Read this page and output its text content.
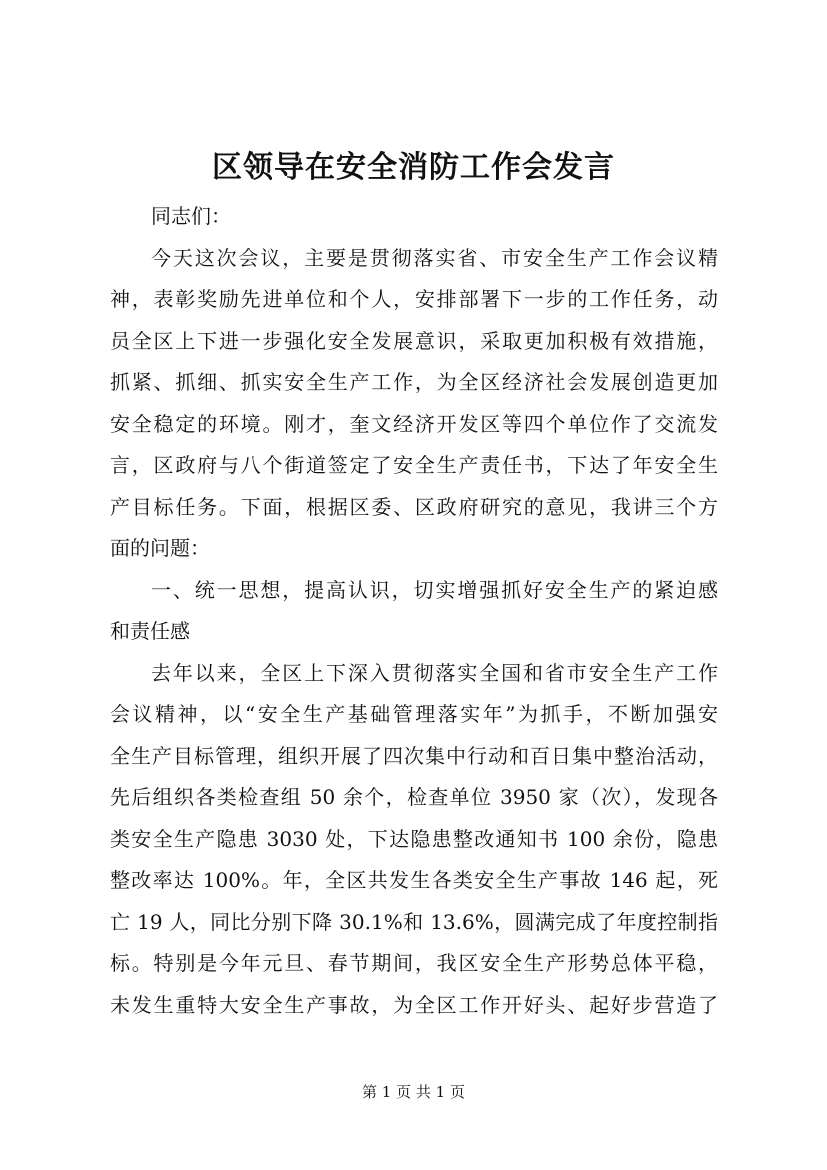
区领导在安全消防工作会发言
同志们：
今天这次会议，主要是贯彻落实省、市安全生产工作会议精
神，表彰奖励先进单位和个人，安排部署下一步的工作任务，动
员全区上下进一步强化安全发展意识，采取更加积极有效措施，
抓紧、抓细、抓实安全生产工作，为全区经济社会发展创造更加
安全稳定的环境。刚才，奎文经济开发区等四个单位作了交流发
言，区政府与八个街道签定了安全生产责任书，下达了年安全生
产目标任务。下面，根据区委、区政府研究的意见，我讲三个方
面的问题：
一、统一思想，提高认识，切实增强抓好安全生产的紧迫感
和责任感
去年以来，全区上下深入贯彻落实全国和省市安全生产工作
会议精神，以“安全生产基础管理落实年”为抓手，不断加强安
全生产目标管理，组织开展了四次集中行动和百日集中整治活动，
先后组织各类检查组 50 余个，检查单位 3950 家（次），发现各
类安全生产隐患 3030 处，下达隐患整改通知书 100 余份，隐患
整改率达 100%。年，全区共发生各类安全生产事故 146 起，死
亡 19 人，同比分别下降 30.1%和 13.6%，圆满完成了年度控制指
标。特别是今年元旦、春节期间，我区安全生产形势总体平稳，
未发生重特大安全生产事故，为全区工作开好头、起好步营造了
第 1 页 共 1 页
